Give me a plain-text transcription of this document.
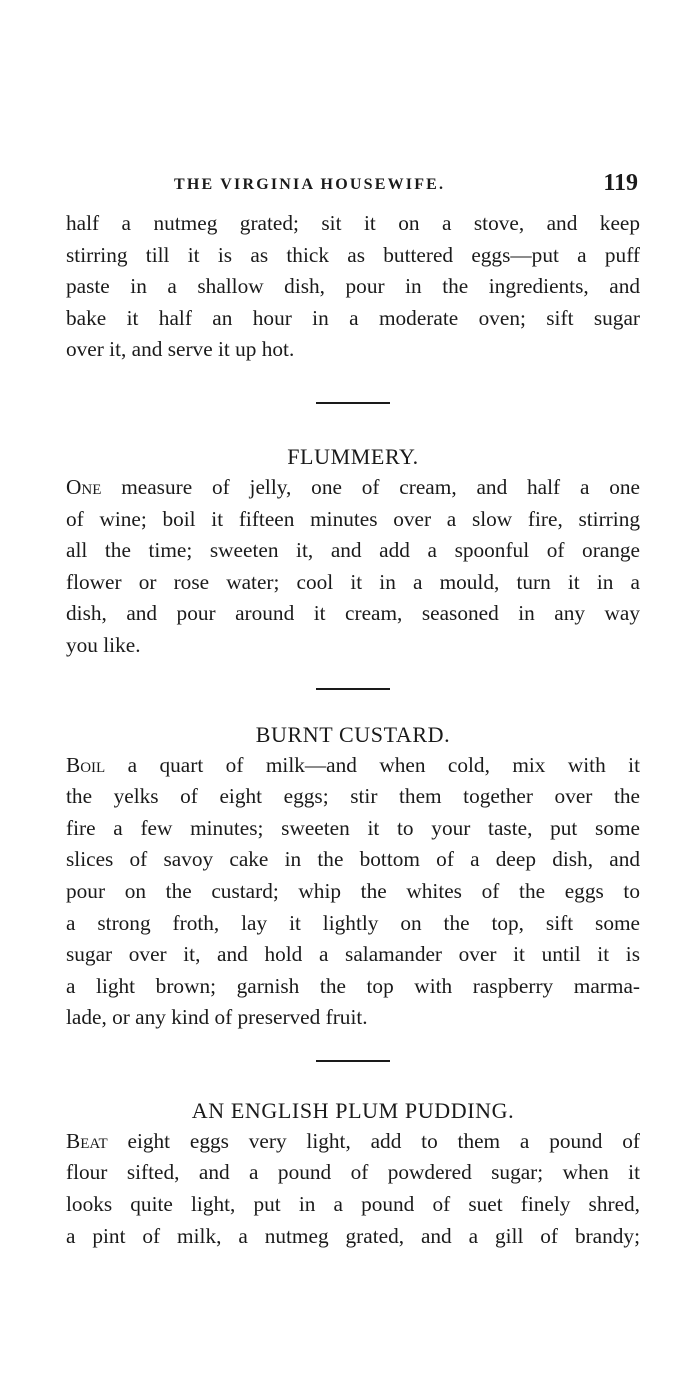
THE VIRGINIA HOUSEWIFE.	119

half a nutmeg grated; sit it on a stove, and keep
stirring till it is as thick as buttered eggs—put a puff
paste in a shallow dish, pour in the ingredients, and
bake it half an hour in a moderate oven; sift sugar
over it, and serve it up hot.

FLUMMERY.

One measure of jelly, one of cream, and half a one
of wine; boil it fifteen minutes over a slow fire, stirring
all the time; sweeten it, and add a spoonful of orange
flower or rose water; cool it in a mould, turn it in a
dish, and pour around it cream, seasoned in any way
you like.

BURNT CUSTARD.

Boil a quart of milk—and when cold, mix with it
the yelks of eight eggs; stir them together over the
fire a few minutes; sweeten it to your taste, put some
slices of savoy cake in the bottom of a deep dish, and
pour on the custard; whip the whites of the eggs to
a strong froth, lay it lightly on the top, sift some
sugar over it, and hold a salamander over it until it is
a light brown; garnish the top with raspberry marma-
lade, or any kind of preserved fruit.

AN ENGLISH PLUM PUDDING.

Beat eight eggs very light, add to them a pound of
flour sifted, and a pound of powdered sugar; when it
looks quite light, put in a pound of suet finely shred,
a pint of milk, a nutmeg grated, and a gill of brandy;
